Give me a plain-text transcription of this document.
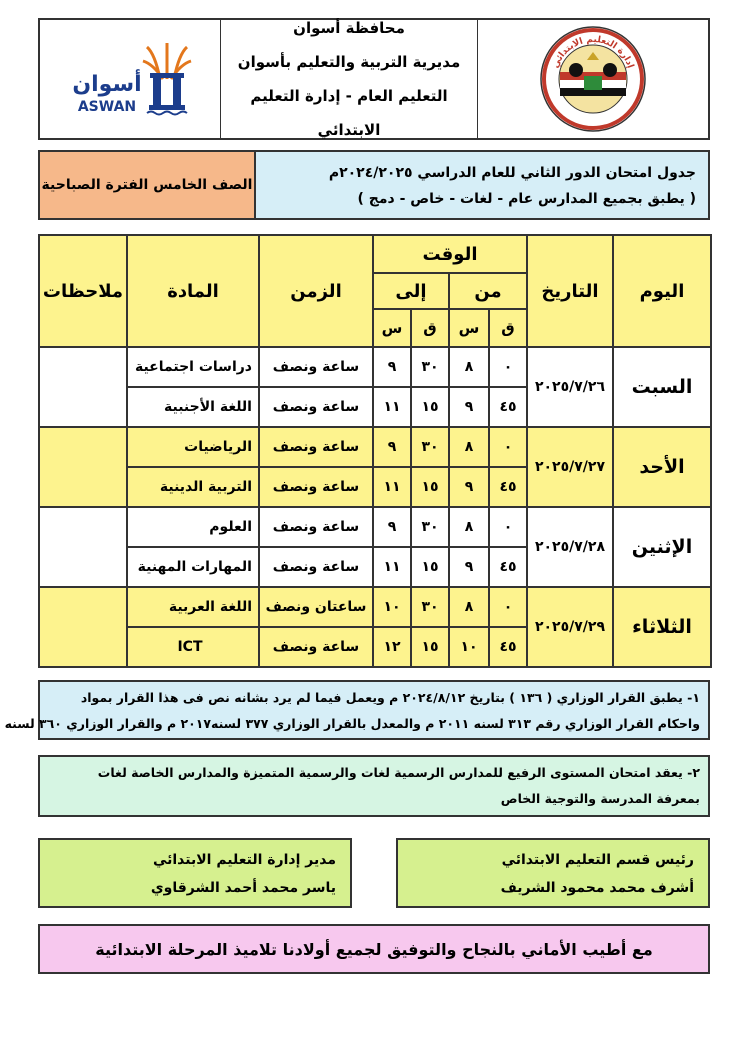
أسوان
ASWAN
محافظة أسوان
مديرية التربية والتعليم بأسوان
التعليم العام - إدارة التعليم الابتدائي
إدارة التعليم الابتدائي
الصف الخامس الفترة الصباحية
جدول امتحان الدور الثاني للعام الدراسي ٢٠٢٤/٢٠٢٥م
( يطبق بجميع المدارس عام - لغات - خاص - دمج )
اليوم	التاريخ	الوقت				الزمن	المادة	ملاحظات
		من		إلى				
		ق	س	ق	س			
السبت	٢٠٢٥/٧/٢٦	٠	٨	٣٠	٩	ساعة ونصف	دراسات اجتماعية	
		٤٥	٩	١٥	١١	ساعة ونصف	اللغة الأجنبية	
الأحد	٢٠٢٥/٧/٢٧	٠	٨	٣٠	٩	ساعة ونصف	الرياضيات	
		٤٥	٩	١٥	١١	ساعة ونصف	التربية الدينية	
الإثنين	٢٠٢٥/٧/٢٨	٠	٨	٣٠	٩	ساعة ونصف	العلوم	
		٤٥	٩	١٥	١١	ساعة ونصف	المهارات المهنية	
الثلاثاء	٢٠٢٥/٧/٢٩	٠	٨	٣٠	١٠	ساعتان ونصف	اللغة العربية	
		٤٥	١٠	١٥	١٢	ساعة ونصف	ICT	
١- يطبق القرار الوزاري ( ١٣٦ ) بتاريخ ٢٠٢٤/٨/١٢ م ويعمل فيما لم يرد بشانه نص فى هذا القرار بمواد
واحكام القرار الوزاري رقم ٣١٣ لسنه ٢٠١١ م والمعدل بالقرار الوزاري ٣٧٧ لسنه٢٠١٧ م والقرار الوزاري ٣٦٠ لسنه
٢- يعقد امتحان المستوى الرفيع للمدارس الرسمية لغات والرسمية المتميزة والمدارس الخاصة لغات
بمعرفة المدرسة والتوجية الخاص
رئيس قسم التعليم الابتدائي
أشرف محمد محمود الشريف
مدير إدارة التعليم الابتدائي
ياسر محمد أحمد الشرقاوي
مع أطيب الأماني بالنجاح والتوفيق لجميع أولادنا تلاميذ المرحلة الابتدائية
